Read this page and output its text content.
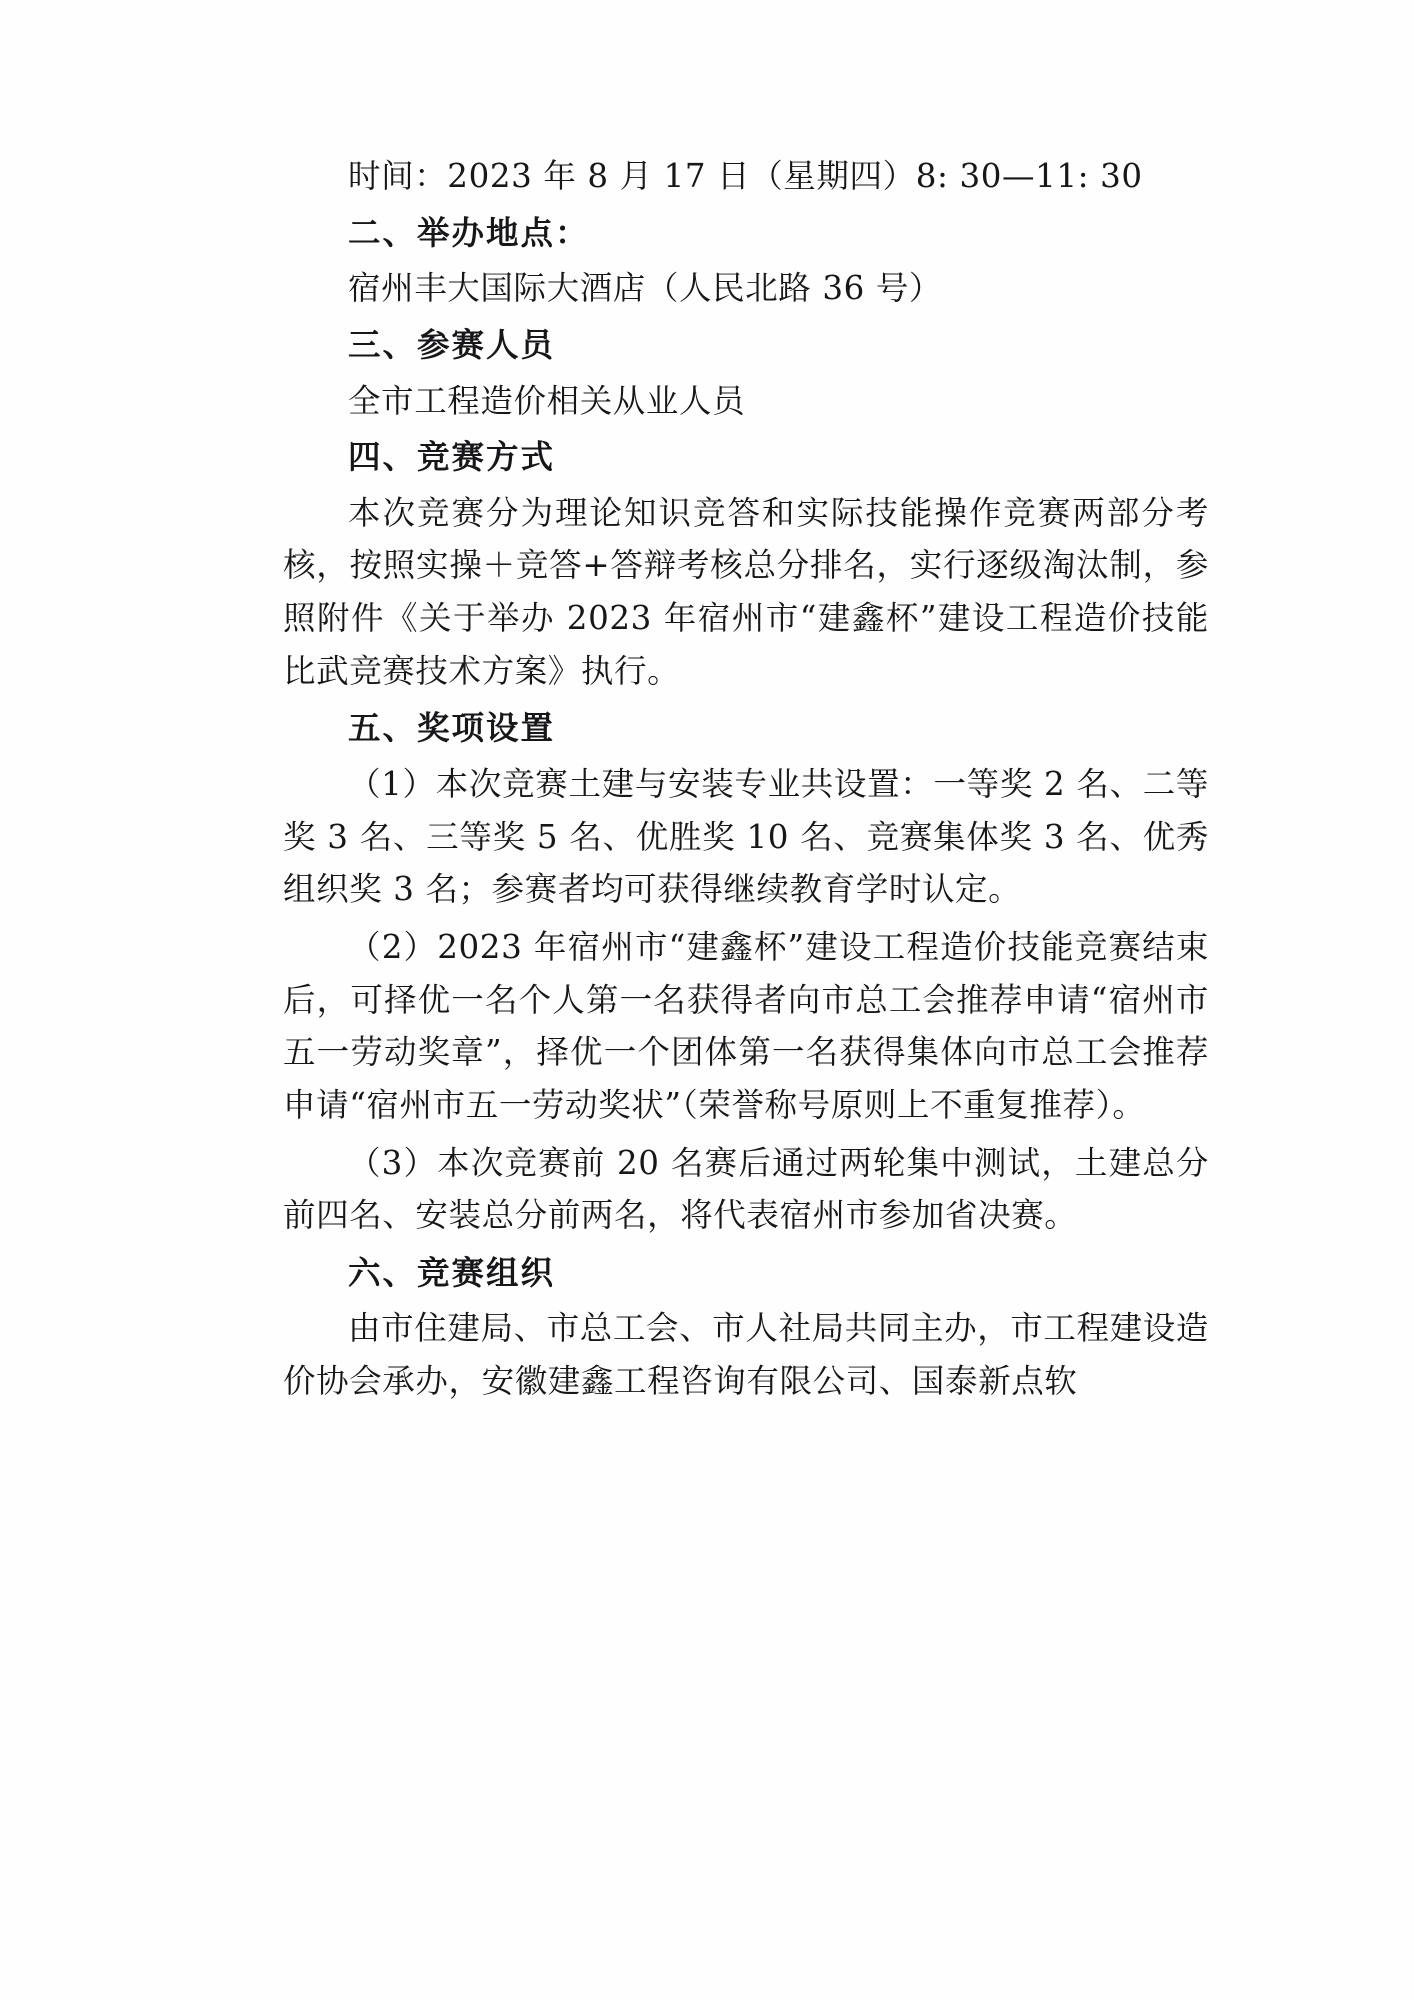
时间：2023 年 8 月 17 日（星期四）8: 30—11: 30

二、举办地点：

宿州丰大国际大酒店（人民北路 36 号）

三、参赛人员

全市工程造价相关从业人员

四、竞赛方式

本次竞赛分为理论知识竞答和实际技能操作竞赛两部分考核，按照实操＋竞答+答辩考核总分排名，实行逐级淘汰制，参照附件《关于举办 2023 年宿州市“建鑫杯”建设工程造价技能比武竞赛技术方案》执行。

五、奖项设置

（1）本次竞赛土建与安装专业共设置：一等奖 2 名、二等奖 3 名、三等奖 5 名、优胜奖 10 名、竞赛集体奖 3 名、优秀组织奖 3 名；参赛者均可获得继续教育学时认定。

（2）2023 年宿州市“建鑫杯”建设工程造价技能竞赛结束后，可择优一名个人第一名获得者向市总工会推荐申请“宿州市五一劳动奖章”，择优一个团体第一名获得集体向市总工会推荐申请“宿州市五一劳动奖状”（荣誉称号原则上不重复推荐）。

（3）本次竞赛前 20 名赛后通过两轮集中测试，土建总分前四名、安装总分前两名，将代表宿州市参加省决赛。

六、竞赛组织

由市住建局、市总工会、市人社局共同主办，市工程建设造价协会承办，安徽建鑫工程咨询有限公司、国泰新点软
